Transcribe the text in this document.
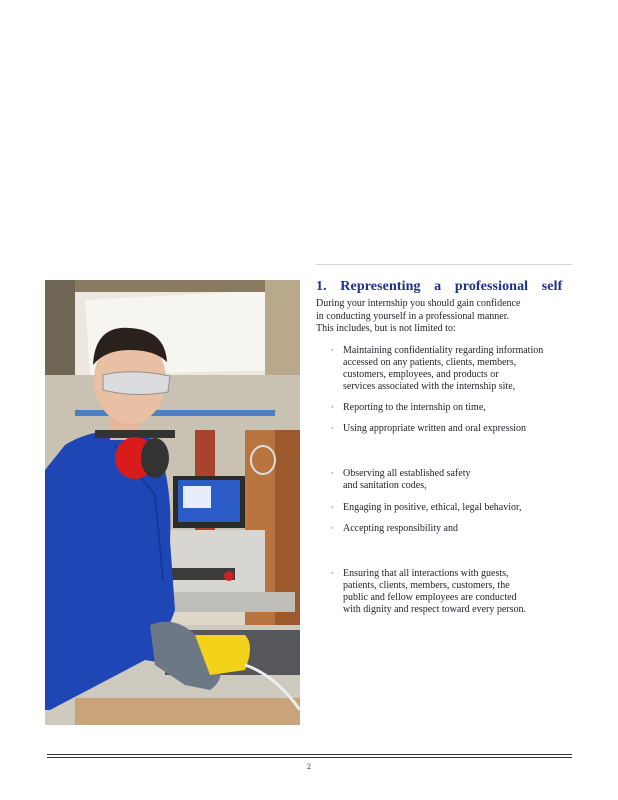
1. Representing a professional self

During your internship you should gain confidence
in conducting yourself in a professional manner.
This includes, but is not limited to:

• Maintaining confidentiality regarding information
accessed on any patients, clients, members,
customers, employees, and products or
services associated with the internship site,
• Reporting to the internship on time,
• Using appropriate written and oral expression
• Observing all established safety
and sanitation codes,
• Engaging in positive, ethical, legal behavior,
• Accepting responsibility and
• Ensuring that all interactions with guests,
patients, clients, members, customers, the
public and fellow employees are conducted
with dignity and respect toward every person.
2
